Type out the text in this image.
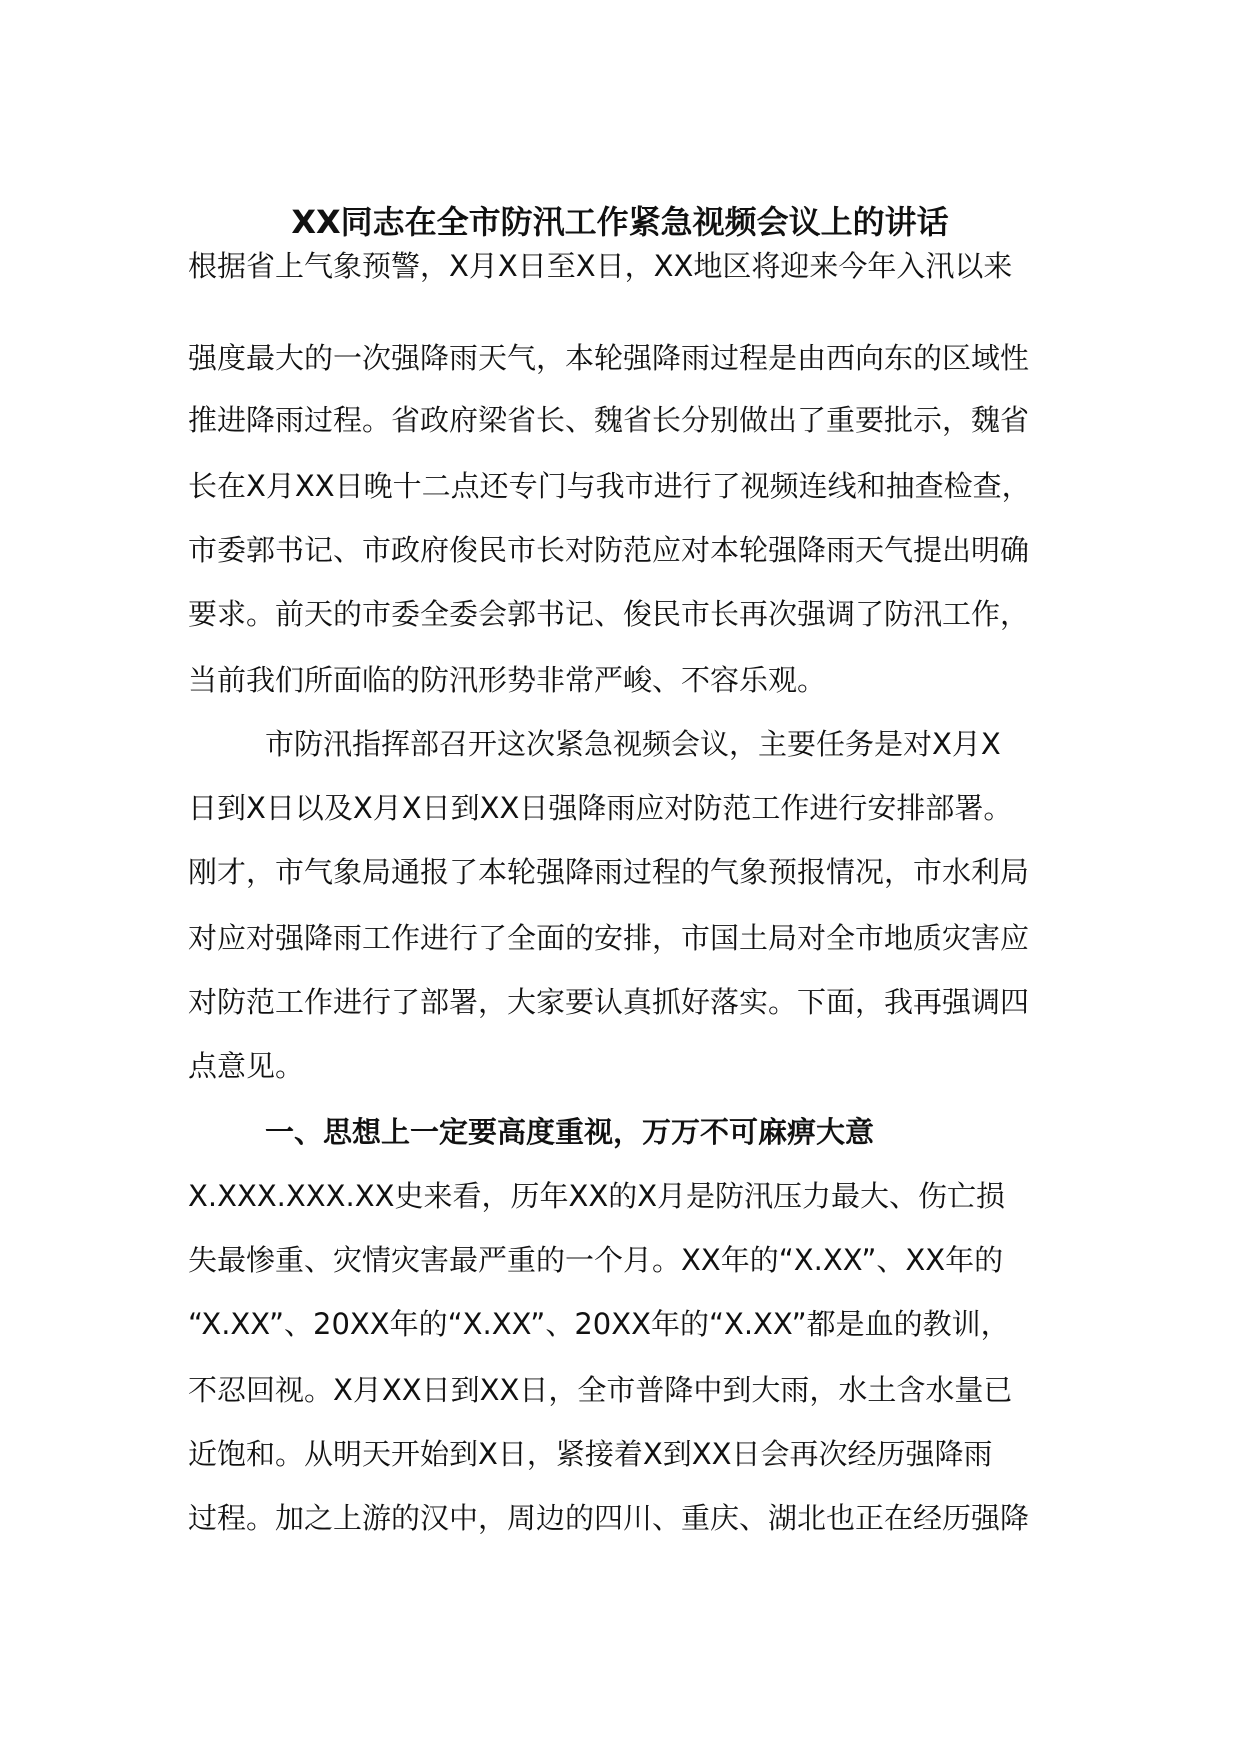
XX同志在全市防汛工作紧急视频会议上的讲话
根据省上气象预警，X月X日至X日，XX地区将迎来今年入汛以来
强度最大的一次强降雨天气，本轮强降雨过程是由西向东的区域性
推进降雨过程。省政府梁省长、魏省长分别做出了重要批示，魏省
长在X月XX日晚十二点还专门与我市进行了视频连线和抽查检查，
市委郭书记、市政府俊民市长对防范应对本轮强降雨天气提出明确
要求。前天的市委全委会郭书记、俊民市长再次强调了防汛工作，
当前我们所面临的防汛形势非常严峻、不容乐观。
市防汛指挥部召开这次紧急视频会议，主要任务是对X月X
日到X日以及X月X日到XX日强降雨应对防范工作进行安排部署。
刚才，市气象局通报了本轮强降雨过程的气象预报情况，市水利局
对应对强降雨工作进行了全面的安排，市国土局对全市地质灾害应
对防范工作进行了部署，大家要认真抓好落实。下面，我再强调四
点意见。
一、思想上一定要高度重视，万万不可麻痹大意
X.XXX.XXX.XX史来看，历年XX的X月是防汛压力最大、伤亡损
失最惨重、灾情灾害最严重的一个月。XX年的“X.XX”、XX年的
“X.XX”、20XX年的“X.XX”、20XX年的“X.XX”都是血的教训，
不忍回视。X月XX日到XX日，全市普降中到大雨，水土含水量已
近饱和。从明天开始到X日，紧接着X到XX日会再次经历强降雨
过程。加之上游的汉中，周边的四川、重庆、湖北也正在经历强降
